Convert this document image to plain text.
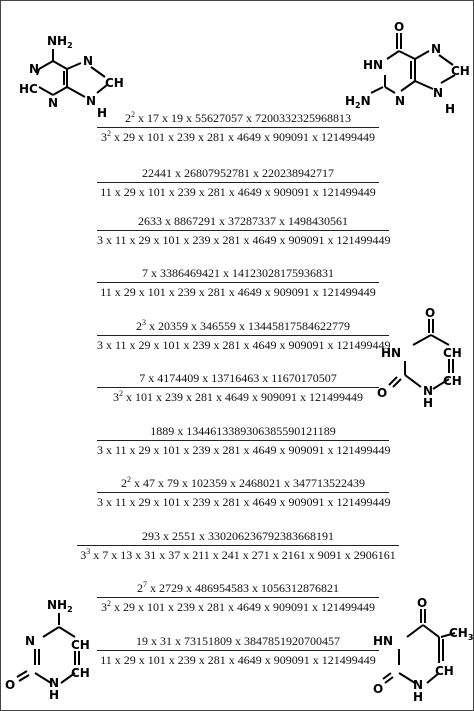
$2^2$ x 17 x 19 x 55627057 x 7200332325968813
$3^2$ x 29 x 101 x 239 x 281 x 4649 x 909091 x 121499449
22441 x 26807952781 x 220238942717
11 x 29 x 101 x 239 x 281 x 4649 x 909091 x 121499449
2633 x 8867291 x 37287337 x 1498430561
3 x 11 x 29 x 101 x 239 x 281 x 4649 x 909091 x 121499449
7 x 3386469421 x 14123028175936831
11 x 29 x 101 x 239 x 281 x 4649 x 909091 x 121499449
$2^3$ x 20359 x 346559 x 13445817584622779
3 x 11 x 29 x 101 x 239 x 281 x 4649 x 909091 x 121499449
7 x 4174409 x 13716463 x 11670170507
$3^2$ x 101 x 239 x 281 x 4649 x 909091 x 121499449
1889 x 1344613389306385590121189
3 x 11 x 29 x 101 x 239 x 281 x 4649 x 909091 x 121499449
$2^2$ x 47 x 79 x 102359 x 2468021 x 347713522439
3 x 11 x 29 x 101 x 239 x 281 x 4649 x 909091 x 121499449
293 x 2551 x 330206236792383668191
$3^3$ x 7 x 13 x 31 x 37 x 211 x 241 x 271 x 2161 x 9091 x 2906161
$2^7$ x 2729 x 486954583 x 1056312876821
$3^2$ x 29 x 101 x 239 x 281 x 4649 x 909091 x 121499449
19 x 31 x 73151809 x 3847851920700457
11 x 29 x 101 x 239 x 281 x 4649 x 909091 x 121499449
$NH_2$
N
HC
N
N
CH
N
H
O
HN
$H_2N$ N
N
CH
N
H
O
HN	CH
CH
O	N
H
$NH_2$
N	CH
CH
O	N
H
O
$CH_3$
HN
CH
O N
H
